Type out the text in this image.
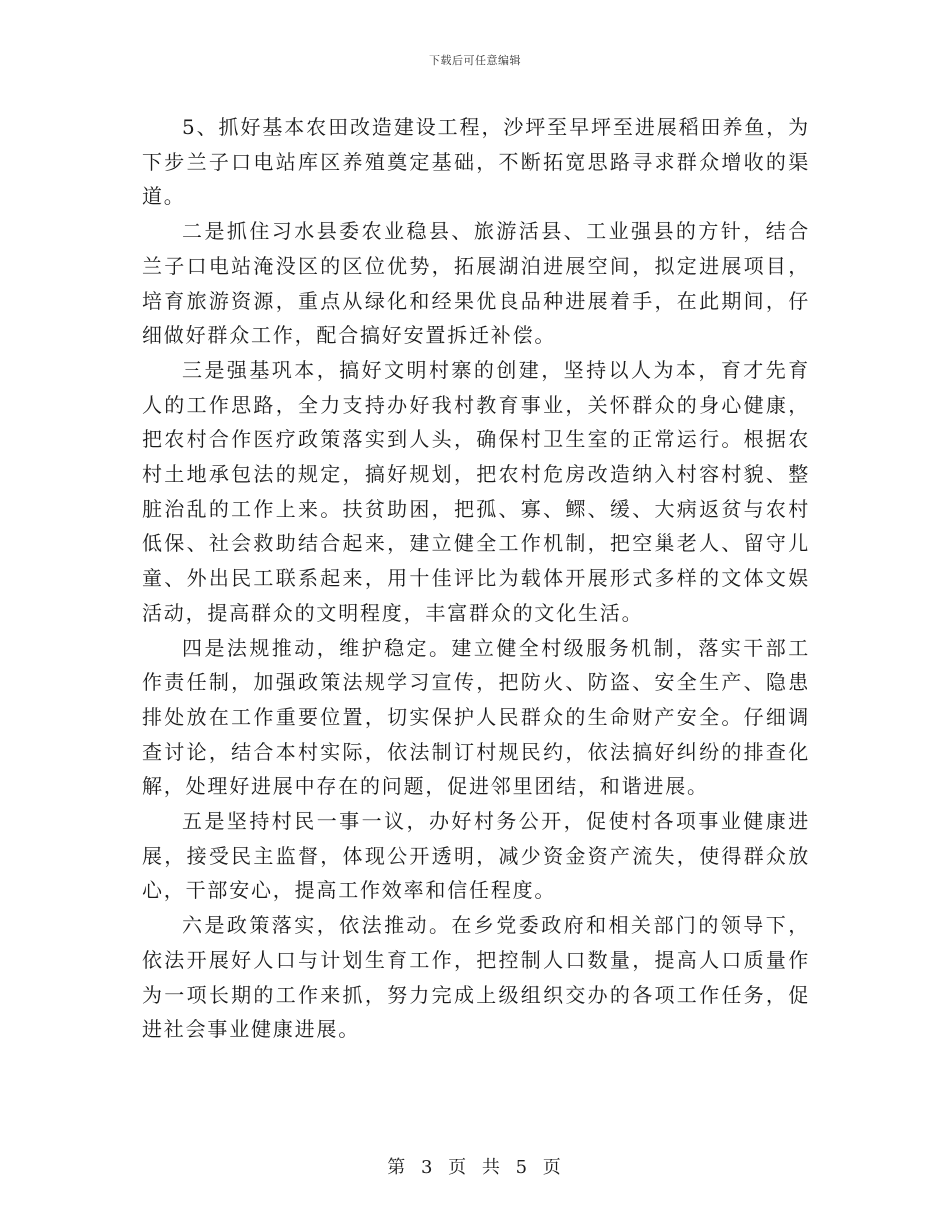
下载后可任意编辑

5、抓好基本农田改造建设工程，沙坪至早坪至进展稻田养鱼，为下步兰子口电站库区养殖奠定基础，不断拓宽思路寻求群众增收的渠道。

二是抓住习水县委农业稳县、旅游活县、工业强县的方针，结合兰子口电站淹没区的区位优势，拓展湖泊进展空间，拟定进展项目，培育旅游资源，重点从绿化和经果优良品种进展着手，在此期间，仔细做好群众工作，配合搞好安置拆迁补偿。

三是强基巩本，搞好文明村寨的创建，坚持以人为本，育才先育人的工作思路，全力支持办好我村教育事业，关怀群众的身心健康，把农村合作医疗政策落实到人头，确保村卫生室的正常运行。根据农村土地承包法的规定，搞好规划，把农村危房改造纳入村容村貌、整脏治乱的工作上来。扶贫助困，把孤、寡、鳏、缓、大病返贫与农村低保、社会救助结合起来，建立健全工作机制，把空巢老人、留守儿童、外出民工联系起来，用十佳评比为载体开展形式多样的文体文娱活动，提高群众的文明程度，丰富群众的文化生活。

四是法规推动，维护稳定。建立健全村级服务机制，落实干部工作责任制，加强政策法规学习宣传，把防火、防盗、安全生产、隐患排处放在工作重要位置，切实保护人民群众的生命财产安全。仔细调查讨论，结合本村实际，依法制订村规民约，依法搞好纠纷的排查化解，处理好进展中存在的问题，促进邻里团结，和谐进展。

五是坚持村民一事一议，办好村务公开，促使村各项事业健康进展，接受民主监督，体现公开透明，减少资金资产流失，使得群众放心，干部安心，提高工作效率和信任程度。

六是政策落实，依法推动。在乡党委政府和相关部门的领导下，依法开展好人口与计划生育工作，把控制人口数量，提高人口质量作为一项长期的工作来抓，努力完成上级组织交办的各项工作任务，促进社会事业健康进展。

第 3 页 共 5 页
